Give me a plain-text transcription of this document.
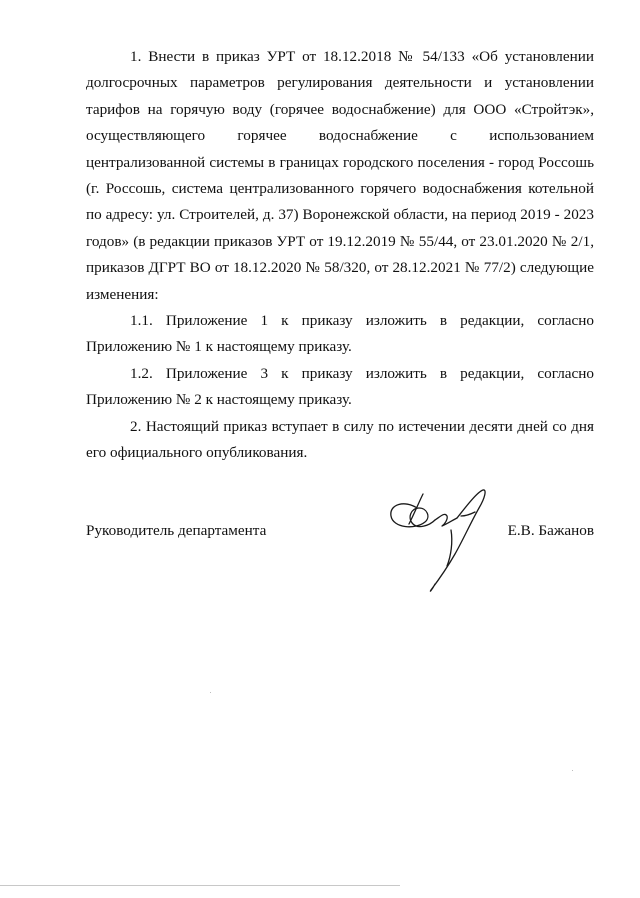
1. Внести в приказ УРТ от 18.12.2018 № 54/133 «Об установлении долгосрочных параметров регулирования деятельности и установлении тарифов на горячую воду (горячее водоснабжение) для ООО «Стройтэк», осуществляющего горячее водоснабжение с использованием централизованной системы в границах городского поселения - город Россошь (г. Россошь, система централизованного горячего водоснабжения котельной по адресу: ул. Строителей, д. 37) Воронежской области, на период 2019 - 2023 годов» (в редакции приказов УРТ от 19.12.2019 № 55/44, от 23.01.2020 № 2/1, приказов ДГРТ ВО от 18.12.2020 № 58/320, от 28.12.2021 № 77/2) следующие изменения:

1.1. Приложение 1 к приказу изложить в редакции, согласно Приложению № 1 к настоящему приказу.

1.2. Приложение 3 к приказу изложить в редакции, согласно Приложению № 2 к настоящему приказу.

2. Настоящий приказ вступает в силу по истечении десяти дней со дня его официального опубликования.

Руководитель департамента	Е.В. Бажанов
